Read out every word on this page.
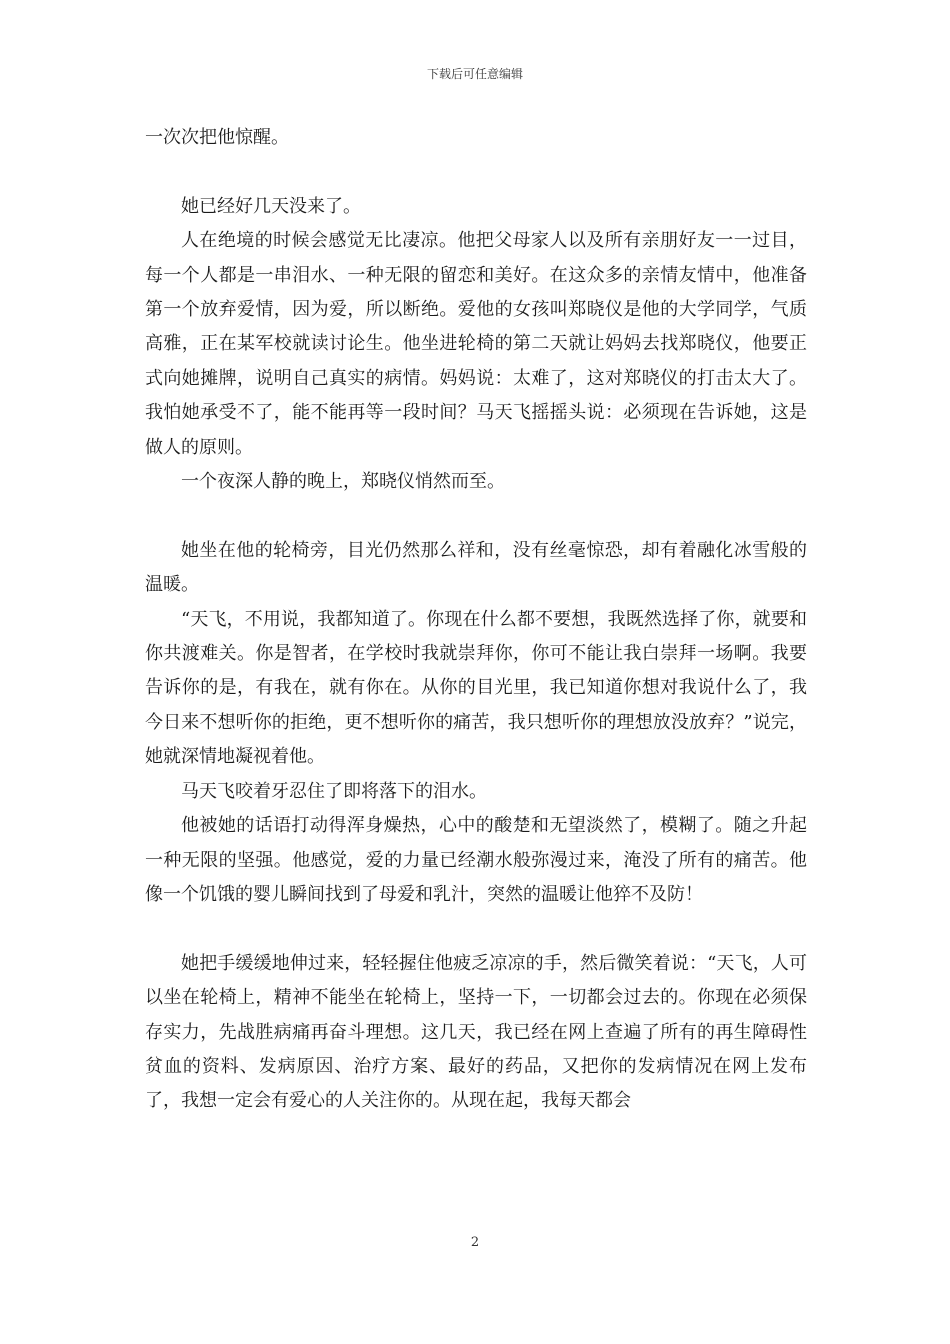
下载后可任意编辑

一次次把他惊醒。

她已经好几天没来了。

人在绝境的时候会感觉无比凄凉。他把父母家人以及所有亲朋好友一一过目，每一个人都是一串泪水、一种无限的留恋和美好。在这众多的亲情友情中，他准备第一个放弃爱情，因为爱，所以断绝。爱他的女孩叫郑晓仪是他的大学同学，气质高雅，正在某军校就读讨论生。他坐进轮椅的第二天就让妈妈去找郑晓仪，他要正式向她摊牌，说明自己真实的病情。妈妈说：太难了，这对郑晓仪的打击太大了。我怕她承受不了，能不能再等一段时间？马天飞摇摇头说：必须现在告诉她，这是做人的原则。

一个夜深人静的晚上，郑晓仪悄然而至。

她坐在他的轮椅旁，目光仍然那么祥和，没有丝毫惊恐，却有着融化冰雪般的温暖。

“天飞，不用说，我都知道了。你现在什么都不要想，我既然选择了你，就要和你共渡难关。你是智者，在学校时我就崇拜你，你可不能让我白崇拜一场啊。我要告诉你的是，有我在，就有你在。从你的目光里，我已知道你想对我说什么了，我今日来不想听你的拒绝，更不想听你的痛苦，我只想听你的理想放没放弃？”说完，她就深情地凝视着他。

马天飞咬着牙忍住了即将落下的泪水。

他被她的话语打动得浑身燥热，心中的酸楚和无望淡然了，模糊了。随之升起一种无限的坚强。他感觉，爱的力量已经潮水般弥漫过来，淹没了所有的痛苦。他像一个饥饿的婴儿瞬间找到了母爱和乳汁，突然的温暖让他猝不及防！

她把手缓缓地伸过来，轻轻握住他疲乏凉凉的手，然后微笑着说：“天飞，人可以坐在轮椅上，精神不能坐在轮椅上，坚持一下，一切都会过去的。你现在必须保存实力，先战胜病痛再奋斗理想。这几天，我已经在网上查遍了所有的再生障碍性贫血的资料、发病原因、治疗方案、最好的药品，又把你的发病情况在网上发布了，我想一定会有爱心的人关注你的。从现在起，我每天都会

2
